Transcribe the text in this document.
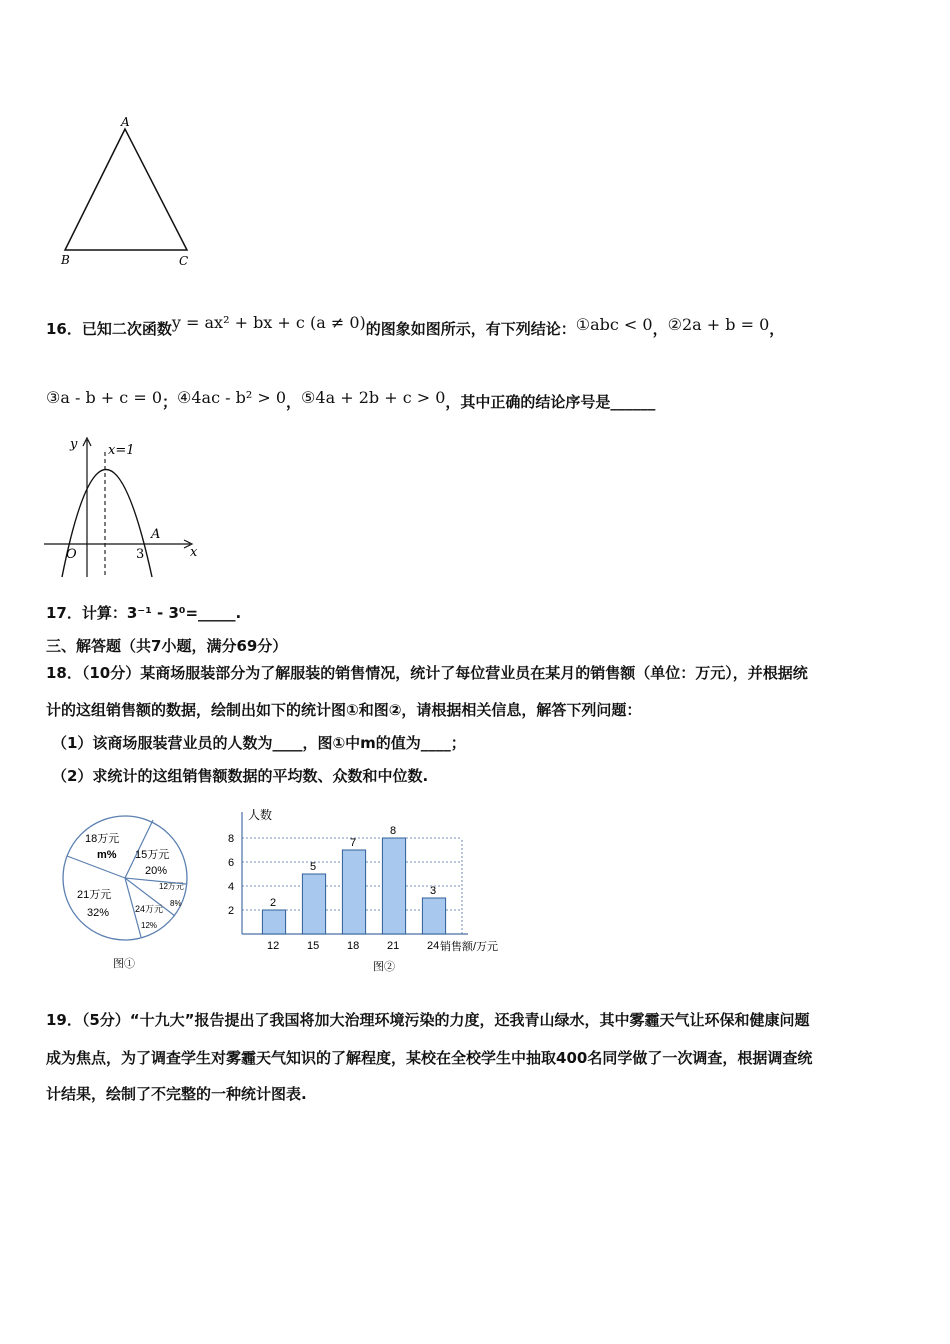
A
B	C
16．已知二次函数y = ax² + bx + c (a ≠ 0)的图象如图所示，有下列结论：①abc < 0，②2a + b = 0，
③a - b + c = 0；④4ac - b² > 0，⑤4a + 2b + c > 0，其中正确的结论序号是______
y x=1
O
A
3	x
17．计算：3⁻¹ - 3⁰=_____.
三、解答题（共7小题，满分69分）
18．（10分）某商场服装部分为了解服装的销售情况，统计了每位营业员在某月的销售额（单位：万元），并根据统
计的这组销售额的数据，绘制出如下的统计图①和图②，请根据相关信息，解答下列问题：
（1）该商场服装营业员的人数为____，图①中m的值为____；
（2）求统计的这组销售额数据的平均数、众数和中位数.
18万元
m% 15万元
20%
12万元
8%
24万元
12%
21万元
32%
图①
人数
销售额/万元
图②
2
4
6
8
2
12
5
15
7
18
8
21
3
24
19．（5分）“十九大”报告提出了我国将加大治理环境污染的力度，还我青山绿水，其中雾霾天气让环保和健康问题
成为焦点，为了调查学生对雾霾天气知识的了解程度，某校在全校学生中抽取400名同学做了一次调查，根据调查统
计结果，绘制了不完整的一种统计图表.
